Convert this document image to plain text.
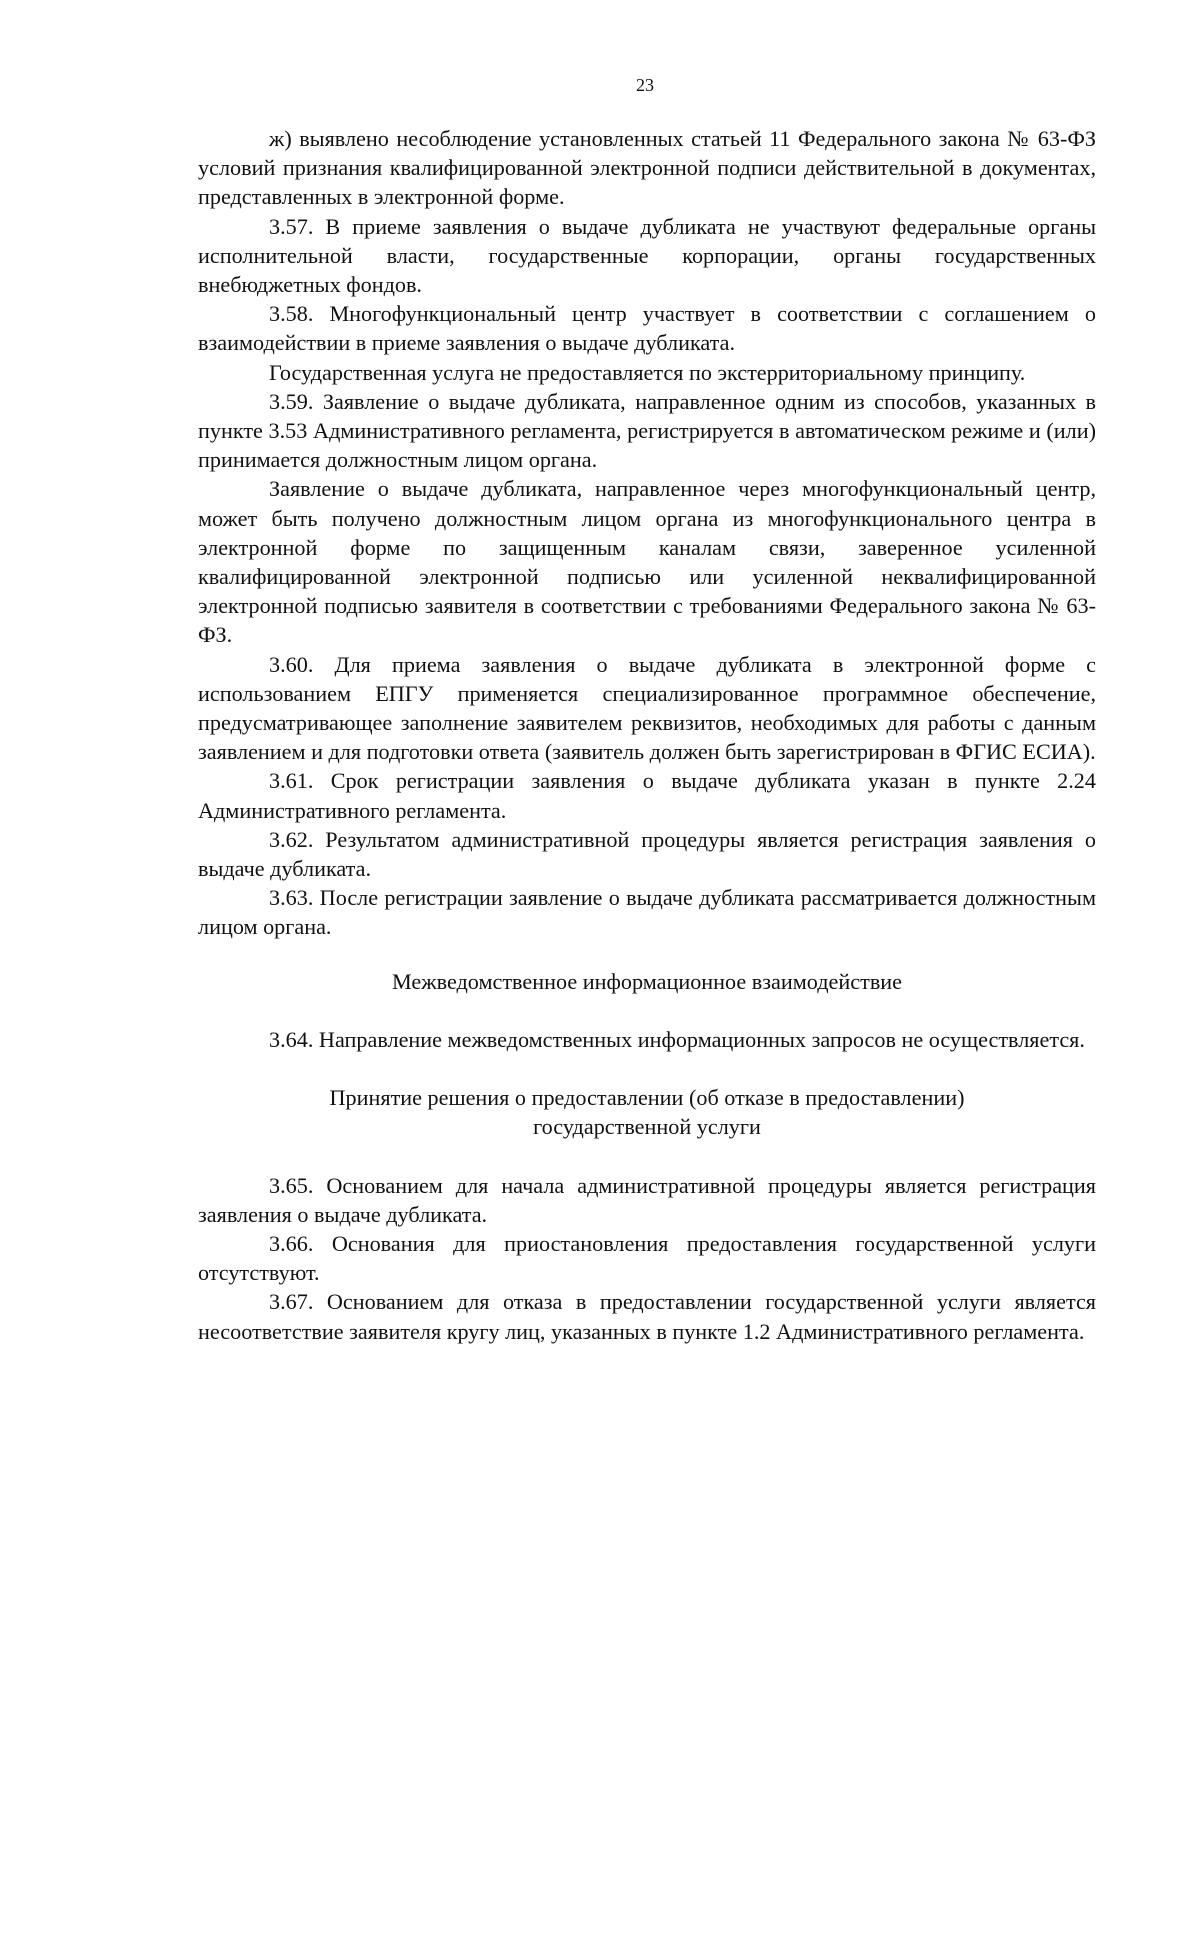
23

ж) выявлено несоблюдение установленных статьей 11 Федерального закона № 63-ФЗ условий признания квалифицированной электронной подписи действительной в документах, представленных в электронной форме.

3.57. В приеме заявления о выдаче дубликата не участвуют федеральные органы исполнительной власти, государственные корпорации, органы государственных внебюджетных фондов.

3.58. Многофункциональный центр участвует в соответствии с соглашением о взаимодействии в приеме заявления о выдаче дубликата.

Государственная услуга не предоставляется по экстерриториальному принципу.

3.59. Заявление о выдаче дубликата, направленное одним из способов, указанных в пункте 3.53 Административного регламента, регистрируется в автоматическом режиме и (или) принимается должностным лицом органа.

Заявление о выдаче дубликата, направленное через многофункциональный центр, может быть получено должностным лицом органа из многофункционального центра в электронной форме по защищенным каналам связи, заверенное усиленной квалифицированной электронной подписью или усиленной неквалифицированной электронной подписью заявителя в соответствии с требованиями Федерального закона № 63-ФЗ.

3.60. Для приема заявления о выдаче дубликата в электронной форме с использованием ЕПГУ применяется специализированное программное обеспечение, предусматривающее заполнение заявителем реквизитов, необходимых для работы с данным заявлением и для подготовки ответа (заявитель должен быть зарегистрирован в ФГИС ЕСИА).

3.61. Срок регистрации заявления о выдаче дубликата указан в пункте 2.24 Административного регламента.

3.62. Результатом административной процедуры является регистрация заявления о выдаче дубликата.

3.63. После регистрации заявление о выдаче дубликата рассматривается должностным лицом органа.

Межведомственное информационное взаимодействие

3.64. Направление межведомственных информационных запросов не осуществляется.

Принятие решения о предоставлении (об отказе в предоставлении)
государственной услуги

3.65. Основанием для начала административной процедуры является регистрация заявления о выдаче дубликата.

3.66. Основания для приостановления предоставления государственной услуги отсутствуют.

3.67. Основанием для отказа в предоставлении государственной услуги является несоответствие заявителя кругу лиц, указанных в пункте 1.2 Административного регламента.
